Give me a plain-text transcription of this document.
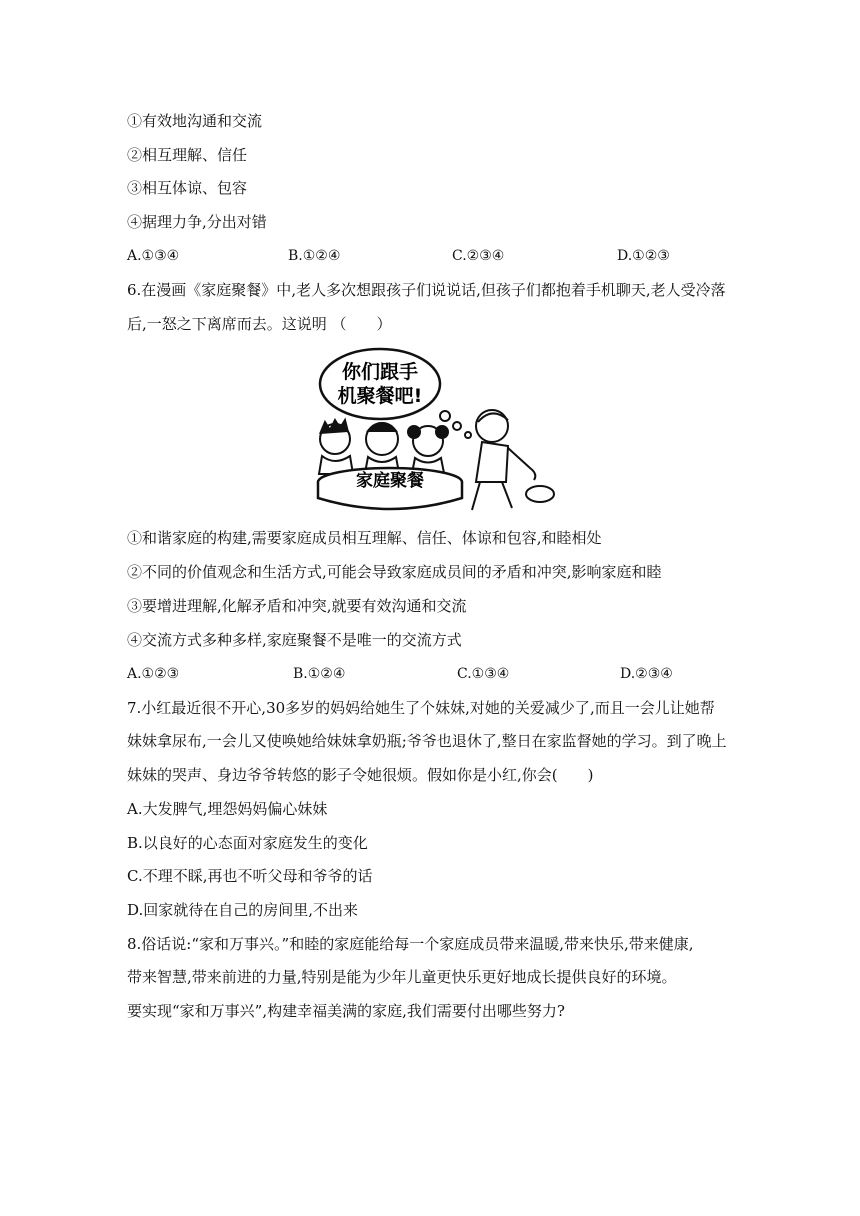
①有效地沟通和交流
②相互理解、信任
③相互体谅、包容
④据理力争,分出对错
A.①③④	B.①②④	C.②③④	D.①②③
6.在漫画《家庭聚餐》中,老人多次想跟孩子们说说话,但孩子们都抱着手机聊天,老人受冷落
后,一怒之下离席而去。这说明 （　　）
你们跟手
机聚餐吧!
家庭聚餐
①和谐家庭的构建,需要家庭成员相互理解、信任、体谅和包容,和睦相处
②不同的价值观念和生活方式,可能会导致家庭成员间的矛盾和冲突,影响家庭和睦
③要增进理解,化解矛盾和冲突,就要有效沟通和交流
④交流方式多种多样,家庭聚餐不是唯一的交流方式
A.①②③	B.①②④	C.①③④	D.②③④
7.小红最近很不开心,30多岁的妈妈给她生了个妹妹,对她的关爱减少了,而且一会儿让她帮
妹妹拿尿布,一会儿又使唤她给妹妹拿奶瓶;爷爷也退休了,整日在家监督她的学习。到了晚上
妹妹的哭声、身边爷爷转悠的影子令她很烦。假如你是小红,你会(　　)
A.大发脾气,埋怨妈妈偏心妹妹
B.以良好的心态面对家庭发生的变化
C.不理不睬,再也不听父母和爷爷的话
D.回家就待在自己的房间里,不出来
8.俗话说:“家和万事兴。”和睦的家庭能给每一个家庭成员带来温暖,带来快乐,带来健康,
带来智慧,带来前进的力量,特别是能为少年儿童更快乐更好地成长提供良好的环境。
要实现“家和万事兴”,构建幸福美满的家庭,我们需要付出哪些努力?
